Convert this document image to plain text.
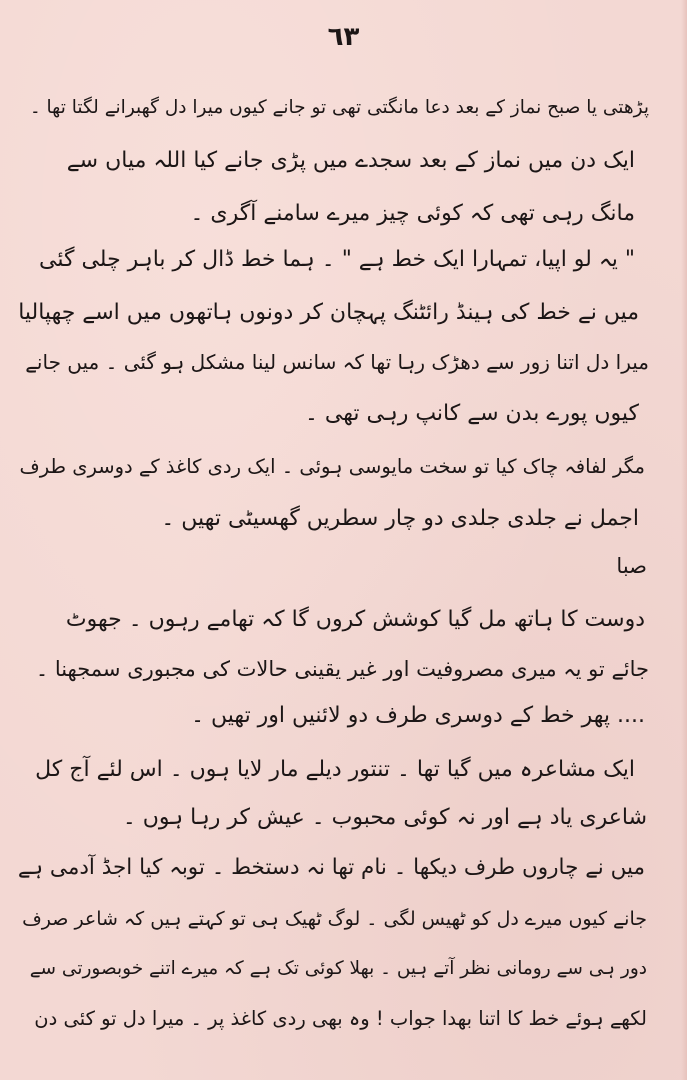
٦٣
پڑھتی یا صبح نماز کے بعد دعا مانگتی تھی تو جانے کیوں میرا دل گھبرانے لگتا تھا ۔
ایک دن میں نماز کے بعد سجدے میں پڑی جانے کیا اللہ میاں سے
مانگ رہی تھی کہ کوئی چیز میرے سامنے آگری ۔
" یہ لو اپیا، تمہارا ایک خط ہے " ۔ ہما خط ڈال کر باہر چلی گئی
میں نے خط کی ہینڈ رائٹنگ پہچان کر دونوں ہاتھوں میں اسے چھپالیا
میرا دل اتنا زور سے دھڑک رہا تھا کہ سانس لینا مشکل ہو گئی ۔ میں جانے
کیوں پورے بدن سے کانپ رہی تھی ۔
مگر لفافہ چاک کیا تو سخت مایوسی ہوئی ۔ ایک ردی کاغذ کے دوسری طرف
اجمل نے جلدی جلدی دو چار سطریں گھسیٹی تھیں ۔
صبا
دوست کا ہاتھ مل گیا کوشش کروں گا کہ تھامے رہوں ۔ جھوٹ
جائے تو یہ میری مصروفیت اور غیر یقینی حالات کی مجبوری سمجھنا ۔
.... پھر خط کے دوسری طرف دو لائنیں اور تھیں ۔
ایک مشاعرہ میں گیا تھا ۔ تنتور دیلے مار لایا ہوں ۔ اس لئے آج کل
شاعری یاد ہے اور نہ کوئی محبوب ۔ عیش کر رہا ہوں ۔
میں نے چاروں طرف دیکھا ۔ نام تھا نہ دستخط ۔ توبہ کیا اجڈ آدمی ہے
جانے کیوں میرے دل کو ٹھیس لگی ۔ لوگ ٹھیک ہی تو کہتے ہیں کہ شاعر صرف
دور ہی سے رومانی نظر آتے ہیں ۔ بھلا کوئی تک ہے کہ میرے اتنے خوبصورتی سے
لکھے ہوئے خط کا اتنا بھدا جواب ! وہ بھی ردی کاغذ پر ۔ میرا دل تو کئی دن
